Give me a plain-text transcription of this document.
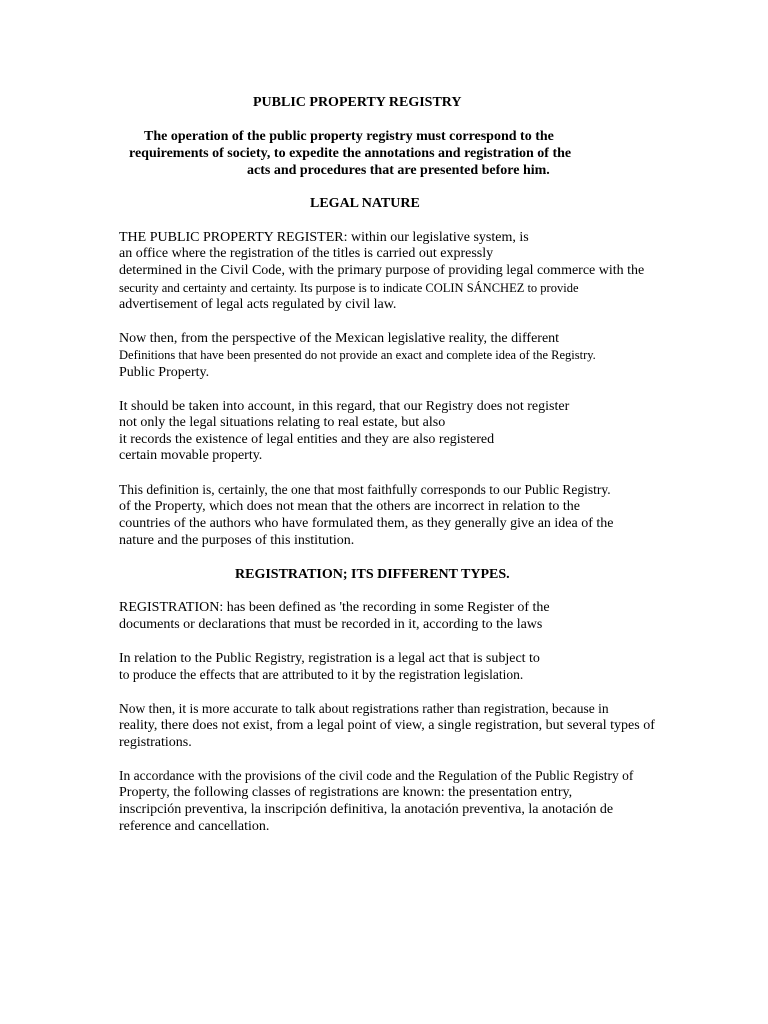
PUBLIC PROPERTY REGISTRY
The operation of the public property registry must correspond to the
requirements of society, to expedite the annotations and registration of the
acts and procedures that are presented before him.
LEGAL NATURE
THE PUBLIC PROPERTY REGISTER: within our legislative system, is
an office where the registration of the titles is carried out expressly
determined in the Civil Code, with the primary purpose of providing legal commerce with the
security and certainty and certainty. Its purpose is to indicate COLIN SÁNCHEZ to provide
advertisement of legal acts regulated by civil law.
Now then, from the perspective of the Mexican legislative reality, the different
Definitions that have been presented do not provide an exact and complete idea of the Registry.
Public Property.
It should be taken into account, in this regard, that our Registry does not register
not only the legal situations relating to real estate, but also
it records the existence of legal entities and they are also registered
certain movable property.
This definition is, certainly, the one that most faithfully corresponds to our Public Registry.
of the Property, which does not mean that the others are incorrect in relation to the
countries of the authors who have formulated them, as they generally give an idea of the
nature and the purposes of this institution.
REGISTRATION; ITS DIFFERENT TYPES.
REGISTRATION: has been defined as 'the recording in some Register of the
documents or declarations that must be recorded in it, according to the laws
In relation to the Public Registry, registration is a legal act that is subject to
to produce the effects that are attributed to it by the registration legislation.
Now then, it is more accurate to talk about registrations rather than registration, because in
reality, there does not exist, from a legal point of view, a single registration, but several types of
registrations.
In accordance with the provisions of the civil code and the Regulation of the Public Registry of
Property, the following classes of registrations are known: the presentation entry,
inscripción preventiva, la inscripción definitiva, la anotación preventiva, la anotación de
reference and cancellation.
